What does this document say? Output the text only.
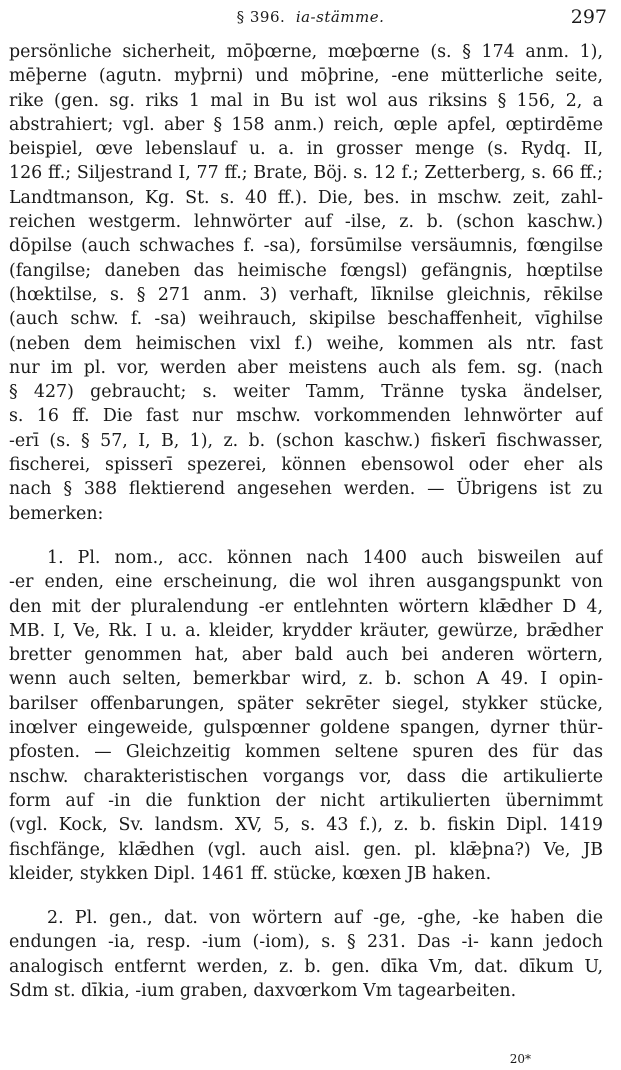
§ 396. ia-stämme.	297
persönliche sicherheit, mōþœrne, mœþœrne (s. § 174 anm. 1),
mēþerne (agutn. myþrni) und mōþrine, -ene mütterliche seite,
rike (gen. sg. riks 1 mal in Bu ist wol aus riksins § 156, 2, a
abstrahiert; vgl. aber § 158 anm.) reich, œple apfel, œptirdēme
beispiel, œve lebenslauf u. a. in grosser menge (s. Rydq. II,
126 ff.; Siljestrand I, 77 ff.; Brate, Böj. s. 12 f.; Zetterberg, s. 66 ff.;
Landtmanson, Kg. St. s. 40 ff.). Die, bes. in mschw. zeit, zahl-
reichen westgerm. lehnwörter auf -ilse, z. b. (schon kaschw.)
dōpilse (auch schwaches f. -sa), forsūmilse versäumnis, fœngilse
(fangilse; daneben das heimische fœngsl) gefängnis, hœptilse
(hœktilse, s. § 271 anm. 3) verhaft, līknilse gleichnis, rēkilse
(auch schw. f. -sa) weihrauch, skipilse beschaffenheit, vīghilse
(neben dem heimischen vixl f.) weihe, kommen als ntr. fast
nur im pl. vor, werden aber meistens auch als fem. sg. (nach
§ 427) gebraucht; s. weiter Tamm, Tränne tyska ändelser,
s. 16 ff. Die fast nur mschw. vorkommenden lehnwörter auf
-erī (s. § 57, I, B, 1), z. b. (schon kaschw.) fiskerī fischwasser,
fischerei, spisserī spezerei, können ebensowol oder eher als
nach § 388 flektierend angesehen werden. — Übrigens ist zu
bemerken:
1. Pl. nom., acc. können nach 1400 auch bisweilen auf
-er enden, eine erscheinung, die wol ihren ausgangspunkt von
den mit der pluralendung -er entlehnten wörtern klǣdher D 4,
MB. I, Ve, Rk. I u. a. kleider, krydder kräuter, gewürze, brǣdher
bretter genommen hat, aber bald auch bei anderen wörtern,
wenn auch selten, bemerkbar wird, z. b. schon A 49. I opin-
barilser offenbarungen, später sekrēter siegel, stykker stücke,
inœlver eingeweide, gulspœnner goldene spangen, dyrner thür-
pfosten. — Gleichzeitig kommen seltene spuren des für das
nschw. charakteristischen vorgangs vor, dass die artikulierte
form auf -in die funktion der nicht artikulierten übernimmt
(vgl. Kock, Sv. landsm. XV, 5, s. 43 f.), z. b. fiskin Dipl. 1419
fischfänge, klǣdhen (vgl. auch aisl. gen. pl. klǣþna?) Ve, JB
kleider, stykken Dipl. 1461 ff. stücke, kœxen JB haken.
2. Pl. gen., dat. von wörtern auf -ge, -ghe, -ke haben die
endungen -ia, resp. -ium (-iom), s. § 231. Das -i- kann jedoch
analogisch entfernt werden, z. b. gen. dīka Vm, dat. dīkum U,
Sdm st. dīkia, -ium graben, daxvœrkom Vm tagearbeiten.
20*
